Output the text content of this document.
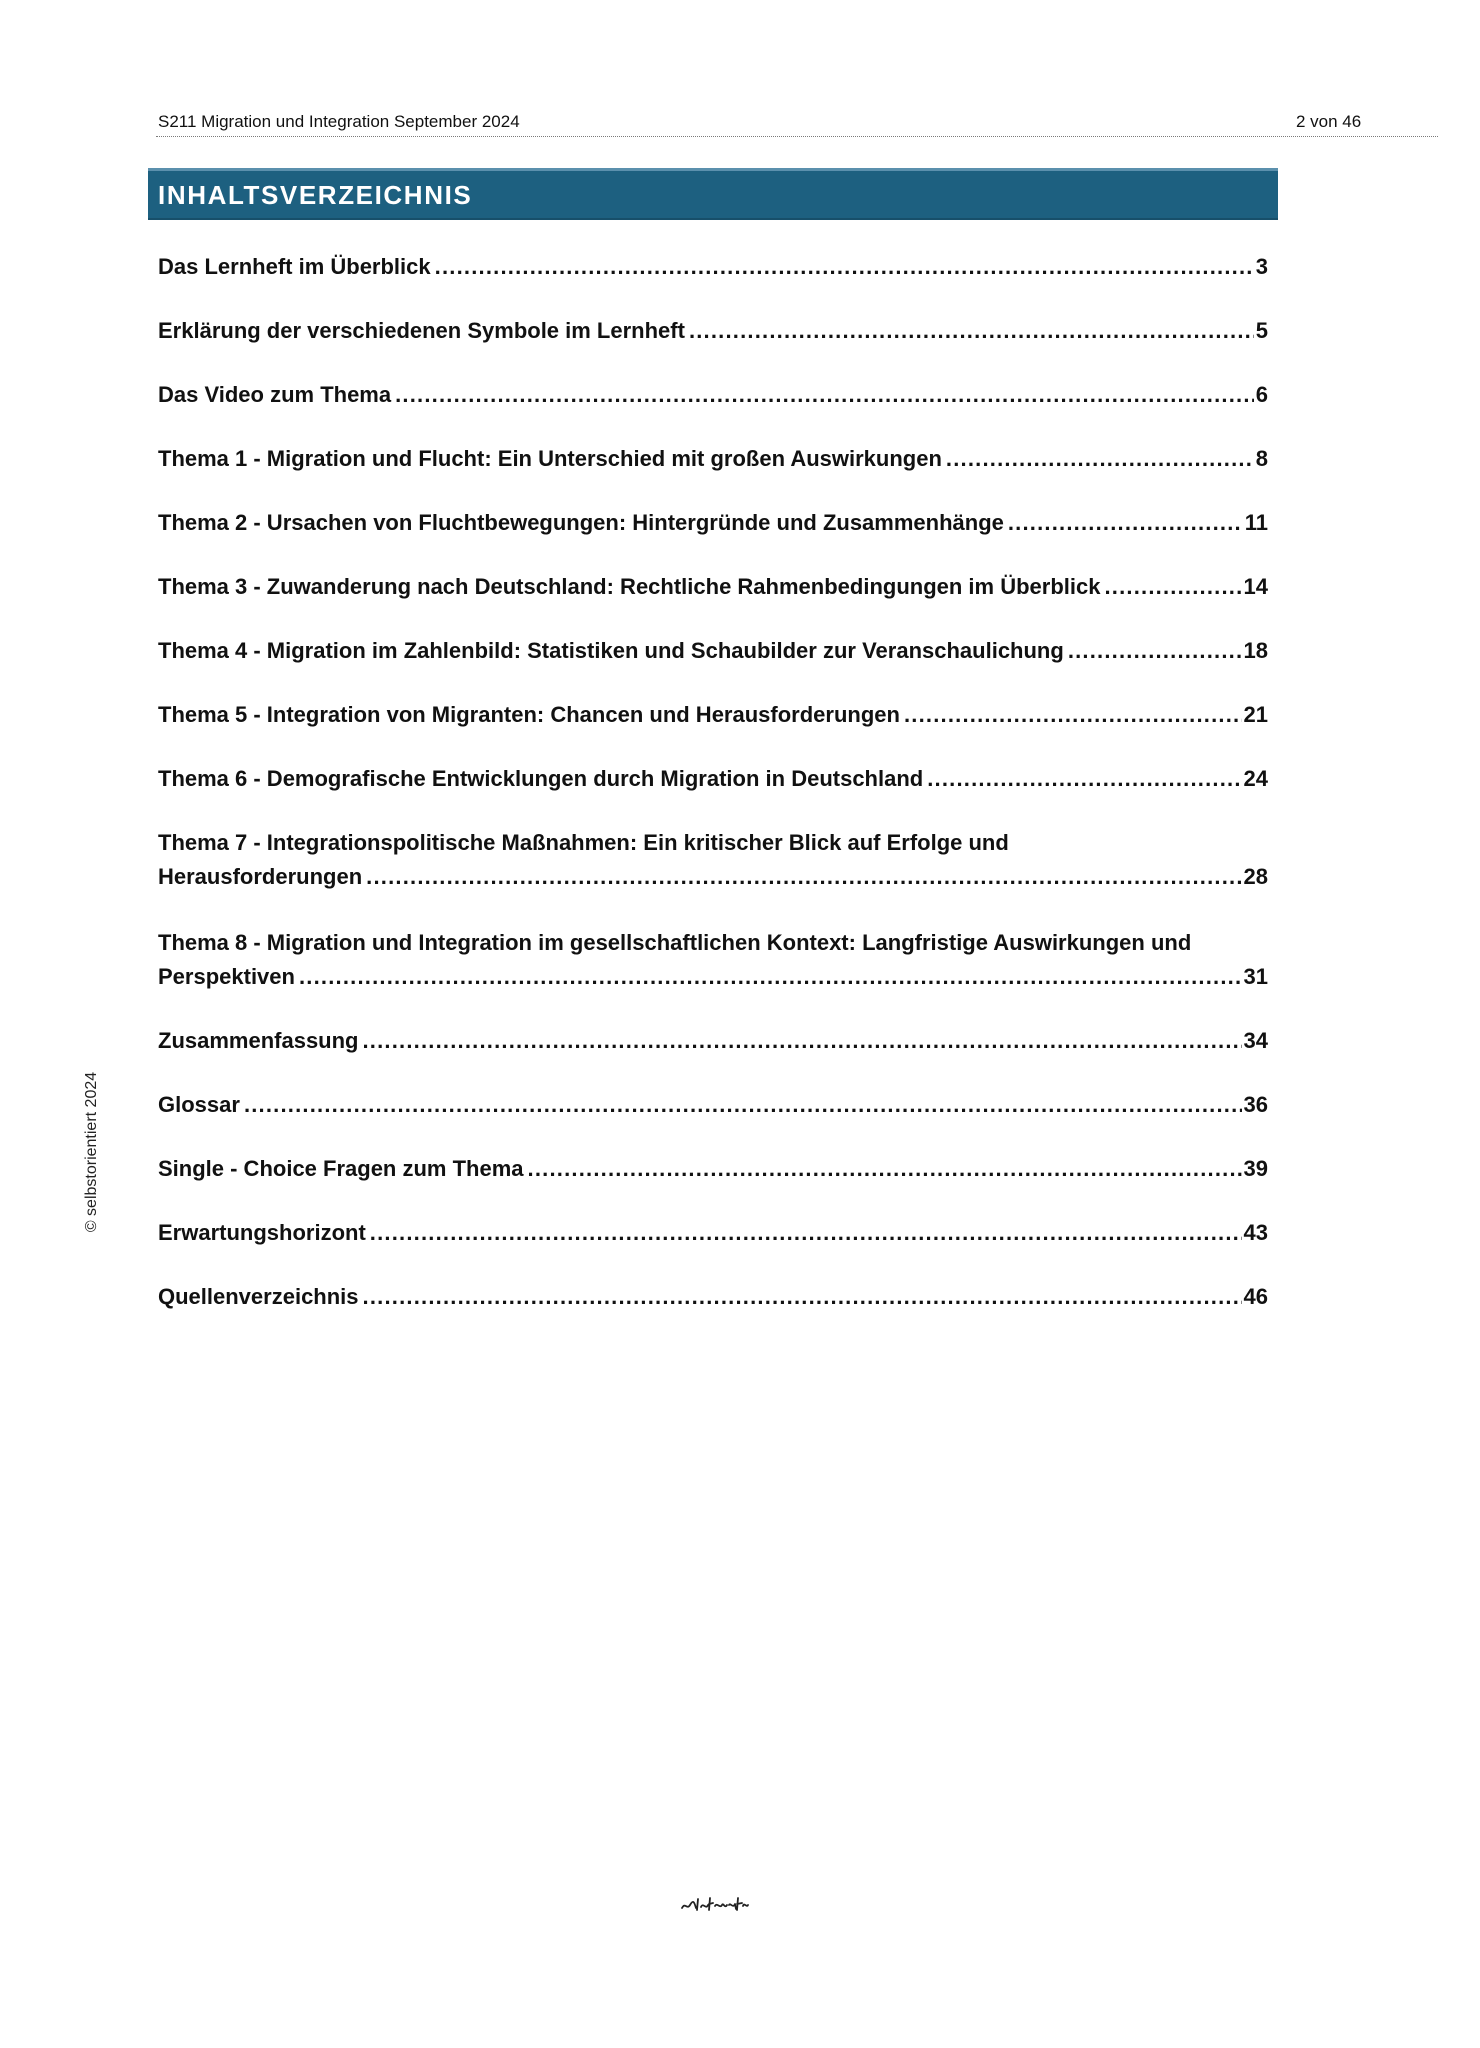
S211 Migration und Integration September 2024	2 von 46
INHALTSVERZEICHNIS
Das Lernheft im Überblick .....	3
Erklärung der verschiedenen Symbole im Lernheft .....	5
Das Video zum Thema .....	6
Thema 1 - Migration und Flucht: Ein Unterschied mit großen Auswirkungen .....	8
Thema 2 - Ursachen von Fluchtbewegungen: Hintergründe und Zusammenhänge .....	11
Thema 3 - Zuwanderung nach Deutschland: Rechtliche Rahmenbedingungen im Überblick .....	14
Thema 4 - Migration im Zahlenbild: Statistiken und Schaubilder zur Veranschaulichung .....	18
Thema 5 - Integration von Migranten: Chancen und Herausforderungen .....	21
Thema 6 - Demografische Entwicklungen durch Migration in Deutschland .....	24
Thema 7 - Integrationspolitische Maßnahmen: Ein kritischer Blick auf Erfolge und
Herausforderungen .....	28
Thema 8 - Migration und Integration im gesellschaftlichen Kontext: Langfristige Auswirkungen und
Perspektiven .....	31
Zusammenfassung .....	34
Glossar .....	36
Single - Choice Fragen zum Thema .....	39
Erwartungshorizont .....	43
Quellenverzeichnis .....	46
© selbstorientiert 2024
